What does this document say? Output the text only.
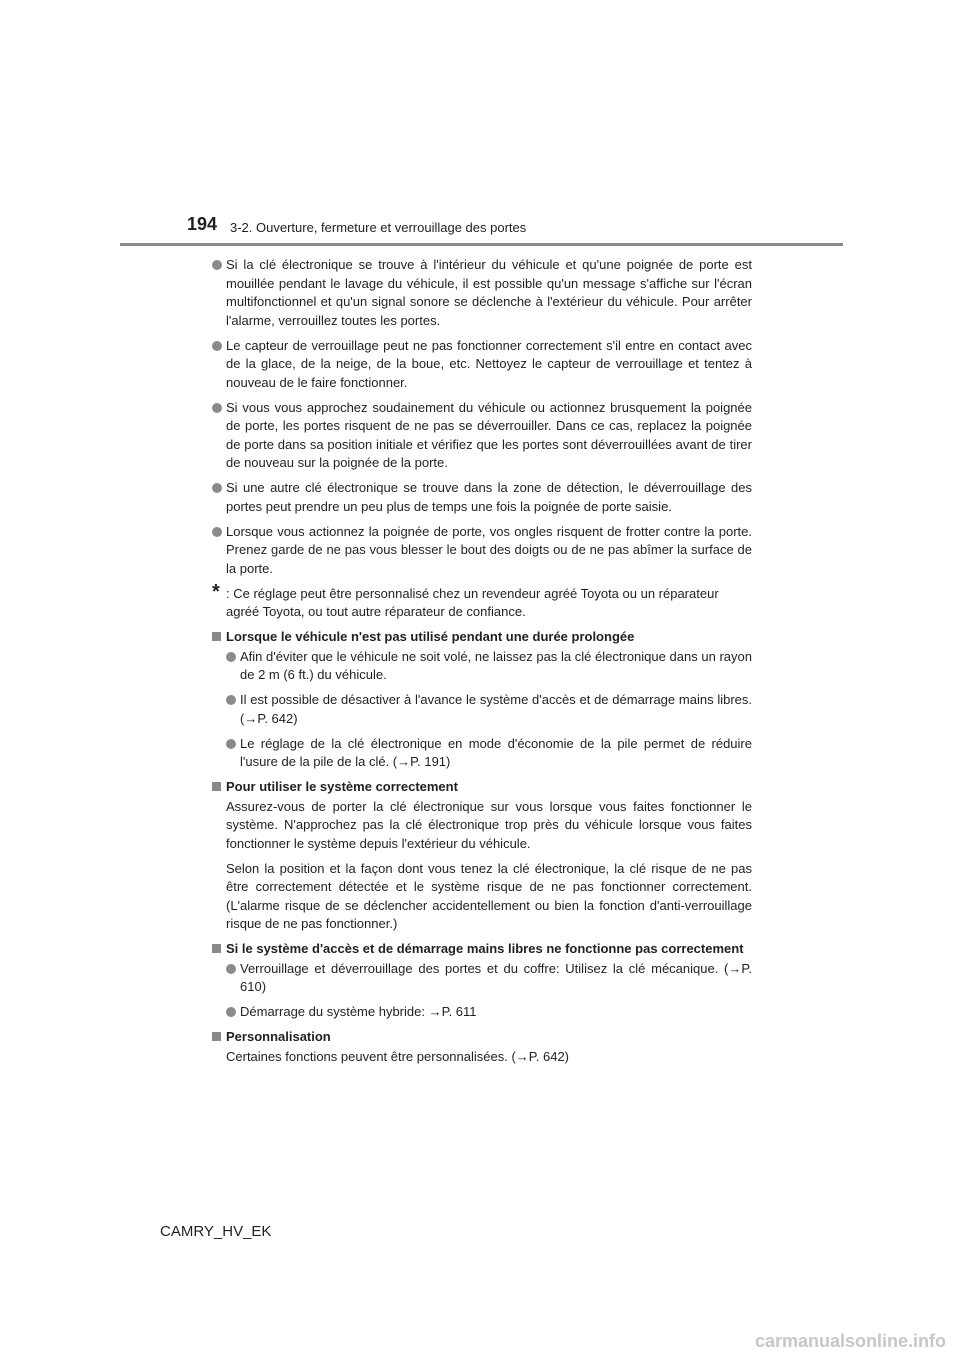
194 3-2. Ouverture, fermeture et verrouillage des portes
Si la clé électronique se trouve à l'intérieur du véhicule et qu'une poignée de porte est mouillée pendant le lavage du véhicule, il est possible qu'un message s'affiche sur l'écran multifonctionnel et qu'un signal sonore se déclenche à l'extérieur du véhicule. Pour arrêter l'alarme, verrouillez toutes les portes.
Le capteur de verrouillage peut ne pas fonctionner correctement s'il entre en contact avec de la glace, de la neige, de la boue, etc. Nettoyez le capteur de verrouillage et tentez à nouveau de le faire fonctionner.
Si vous vous approchez soudainement du véhicule ou actionnez brusquement la poignée de porte, les portes risquent de ne pas se déverrouiller. Dans ce cas, replacez la poignée de porte dans sa position initiale et vérifiez que les portes sont déverrouillées avant de tirer de nouveau sur la poignée de la porte.
Si une autre clé électronique se trouve dans la zone de détection, le déverrouillage des portes peut prendre un peu plus de temps une fois la poignée de porte saisie.
Lorsque vous actionnez la poignée de porte, vos ongles risquent de frotter contre la porte. Prenez garde de ne pas vous blesser le bout des doigts ou de ne pas abîmer la surface de la porte.
* : Ce réglage peut être personnalisé chez un revendeur agréé Toyota ou un réparateur agréé Toyota, ou tout autre réparateur de confiance.
Lorsque le véhicule n'est pas utilisé pendant une durée prolongée
Afin d'éviter que le véhicule ne soit volé, ne laissez pas la clé électronique dans un rayon de 2 m (6 ft.) du véhicule.
Il est possible de désactiver à l'avance le système d'accès et de démarrage mains libres. (→P. 642)
Le réglage de la clé électronique en mode d'économie de la pile permet de réduire l'usure de la pile de la clé. (→P. 191)
Pour utiliser le système correctement
Assurez-vous de porter la clé électronique sur vous lorsque vous faites fonctionner le système. N'approchez pas la clé électronique trop près du véhicule lorsque vous faites fonctionner le système depuis l'extérieur du véhicule.
Selon la position et la façon dont vous tenez la clé électronique, la clé risque de ne pas être correctement détectée et le système risque de ne pas fonctionner correctement. (L'alarme risque de se déclencher accidentellement ou bien la fonction d'anti-verrouillage risque de ne pas fonctionner.)
Si le système d'accès et de démarrage mains libres ne fonctionne pas correctement
Verrouillage et déverrouillage des portes et du coffre: Utilisez la clé mécanique. (→P. 610)
Démarrage du système hybride: →P. 611
Personnalisation
Certaines fonctions peuvent être personnalisées. (→P. 642)
CAMRY_HV_EK
carmanualsonline.info
